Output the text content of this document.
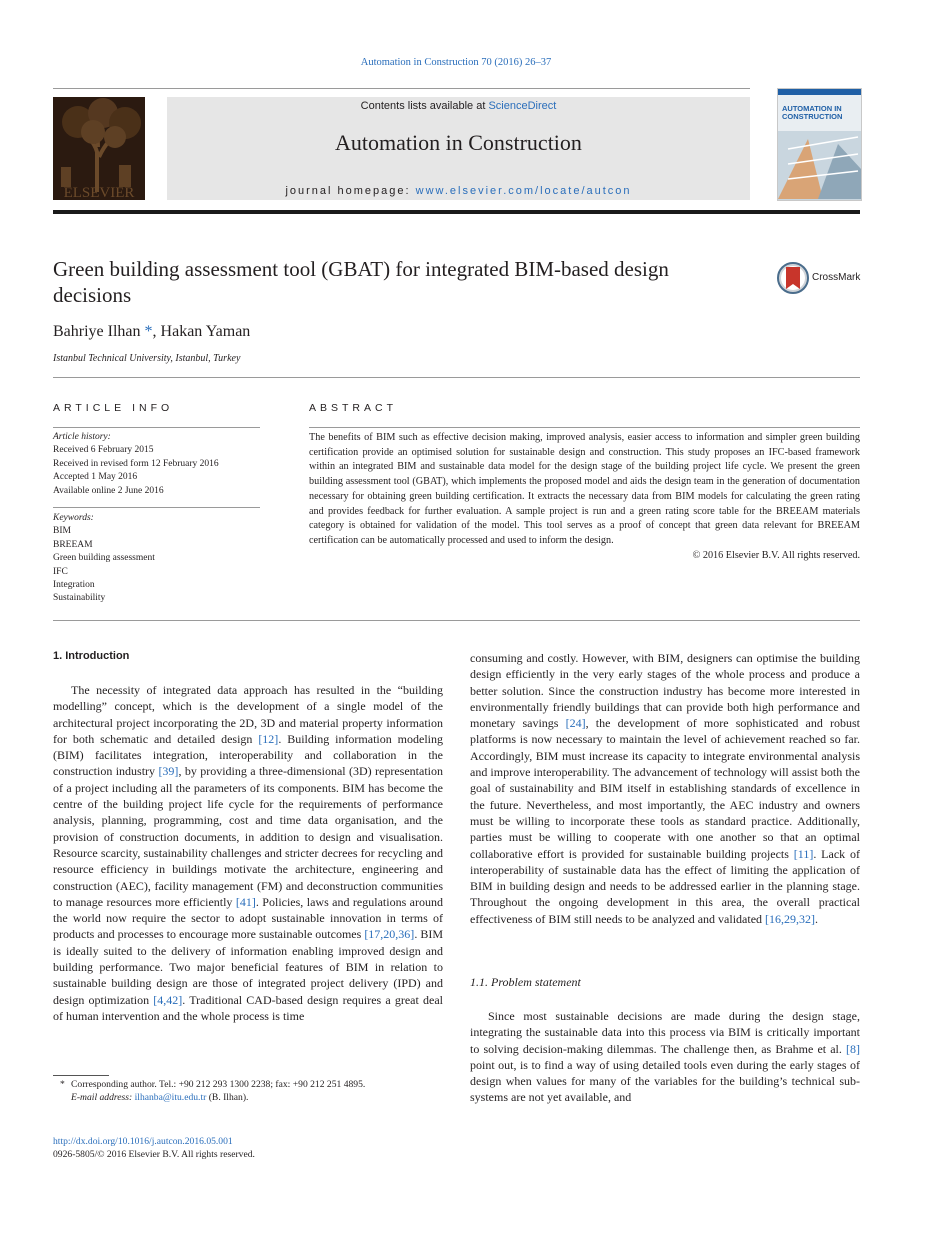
Automation in Construction 70 (2016) 26–37
ELSEVIER
Contents lists available at ScienceDirect
Automation in Construction
journal homepage: www.elsevier.com/locate/autcon
AUTOMATION IN CONSTRUCTION
Green building assessment tool (GBAT) for integrated BIM-based design decisions
CrossMark
Bahriye Ilhan *, Hakan Yaman
Istanbul Technical University, Istanbul, Turkey
ARTICLE INFO	ABSTRACT
Article history:
Received 6 February 2015
Received in revised form 12 February 2016
Accepted 1 May 2016
Available online 2 June 2016
Keywords:
BIM
BREEAM
Green building assessment
IFC
Integration
Sustainability
The benefits of BIM such as effective decision making, improved analysis, easier access to information and simpler green building certification provide an optimised solution for sustainable design and construction. This study proposes an IFC-based framework within an integrated BIM and sustainable data model for the design stage of the building project life cycle. We present the green building assessment tool (GBAT), which implements the proposed model and aids the design team in the generation of documentation necessary for obtaining green building certification. It extracts the necessary data from BIM models for calculating the green rating and provides feedback for further evaluation. A sample project is run and a green rating score table for the BREEAM materials category is obtained for validation of the model. This tool serves as a proof of concept that green data relevant for BREEAM certification can be automatically processed and used to inform the design.
© 2016 Elsevier B.V. All rights reserved.
1. Introduction
The necessity of integrated data approach has resulted in the “building modelling” concept, which is the development of a single model of the architectural project incorporating the 2D, 3D and material property information for both schematic and detailed design [12]. Building information modeling (BIM) facilitates integration, interoperability and collaboration in the construction industry [39], by providing a three-dimensional (3D) representation of a project including all the parameters of its components. BIM has become the centre of the building project life cycle for the requirements of performance analysis, planning, programming, cost and time data organisation, and the provision of construction documents, in addition to design and visualisation. Resource scarcity, sustainability challenges and stricter decrees for recycling and resource efficiency in buildings motivate the architecture, engineering and construction (AEC), facility management (FM) and deconstruction communities to manage resources more efficiently [41]. Policies, laws and regulations around the world now require the sector to adopt sustainable innovation in terms of products and processes to encourage more sustainable outcomes [17,20,36]. BIM is ideally suited to the delivery of information enabling improved design and building performance. Two major beneficial features of BIM in relation to sustainable building design are those of integrated project delivery (IPD) and design optimization [4,42]. Traditional CAD-based design requires a great deal of human intervention and the whole process is time
consuming and costly. However, with BIM, designers can optimise the building design efficiently in the very early stages of the whole process and produce a better solution. Since the construction industry has become more interested in environmentally friendly buildings that can provide both high performance and monetary savings [24], the development of more sophisticated and robust platforms is now necessary to maintain the level of achievement reached so far. Accordingly, BIM must increase its capacity to integrate environmental analysis and improve interoperability. The advancement of technology will assist both the goal of sustainability and BIM itself in establishing standards of excellence in the future. Nevertheless, and most importantly, the AEC industry and owners must be willing to incorporate these tools as standard practice. Additionally, parties must be willing to cooperate with one another so that an optimal collaborative effort is provided for sustainable building projects [11]. Lack of interoperability of sustainable data has the effect of limiting the application of BIM in building design and needs to be addressed earlier in the planning stage. Throughout the ongoing development in this area, the overall practical effectiveness of BIM still needs to be analyzed and validated [16,29,32].
1.1. Problem statement
Since most sustainable decisions are made during the design stage, integrating the sustainable data into this process via BIM is critically important to solving decision-making dilemmas. The challenge then, as Brahme et al. [8] point out, is to find a way of using detailed tools even during the early stages of design when values for many of the variables for the building’s technical sub-systems are not yet available, and
* Corresponding author. Tel.: +90 212 293 1300 2238; fax: +90 212 251 4895.
E-mail address: ilhanba@itu.edu.tr (B. Ilhan).
http://dx.doi.org/10.1016/j.autcon.2016.05.001
0926-5805/© 2016 Elsevier B.V. All rights reserved.
